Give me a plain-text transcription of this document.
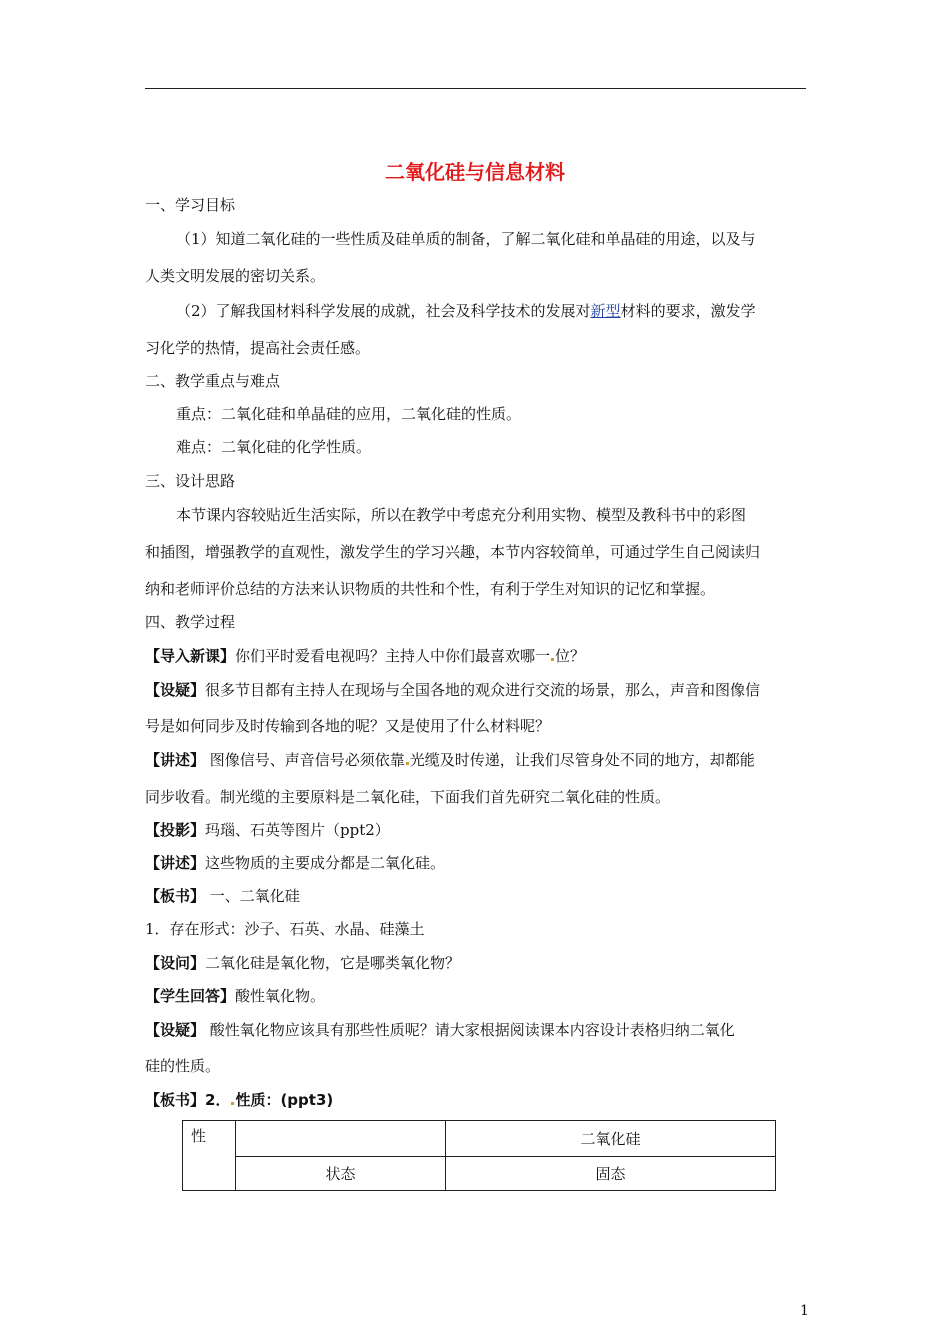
二氧化硅与信息材料
一、学习目标
（1）知道二氧化硅的一些性质及硅单质的制备，了解二氧化硅和单晶硅的用途，以及与
人类文明发展的密切关系。
（2）了解我国材料科学发展的成就，社会及科学技术的发展对新型材料的要求，激发学
习化学的热情，提高社会责任感。
二、教学重点与难点
重点：二氧化硅和单晶硅的应用，二氧化硅的性质。
难点：二氧化硅的化学性质。
三、设计思路
本节课内容较贴近生活实际，所以在教学中考虑充分利用实物、模型及教科书中的彩图
和插图，增强教学的直观性，激发学生的学习兴趣，本节内容较简单，可通过学生自己阅读归
纳和老师评价总结的方法来认识物质的共性和个性，有利于学生对知识的记忆和掌握。
四、教学过程
【导入新课】你们平时爱看电视吗？主持人中你们最喜欢哪一 位？
【设疑】很多节目都有主持人在现场与全国各地的观众进行交流的场景，那么，声音和图像信
号是如何同步及时传输到各地的呢？又是使用了什么材料呢？
【讲述】 图像信号、声音信号必须依靠 光缆及时传递，让我们尽管身处不同的地方，却都能
同步收看。制光缆的主要原料是二氧化硅，下面我们首先研究二氧化硅的性质。
【投影】玛瑙、石英等图片（ppt2）
【讲述】这些物质的主要成分都是二氧化硅。
【板书】 一、二氧化硅
1．存在形式：沙子、石英、水晶、硅藻土
【设问】二氧化硅是氧化物，它是哪类氧化物？
【学生回答】酸性氧化物。
【设疑】 酸性氧化物应该具有那些性质呢？请大家根据阅读课本内容设计表格归纳二氧化
硅的性质。
【板书】2． 性质：(ppt3)
性		二氧化硅
	状态	固态
1
